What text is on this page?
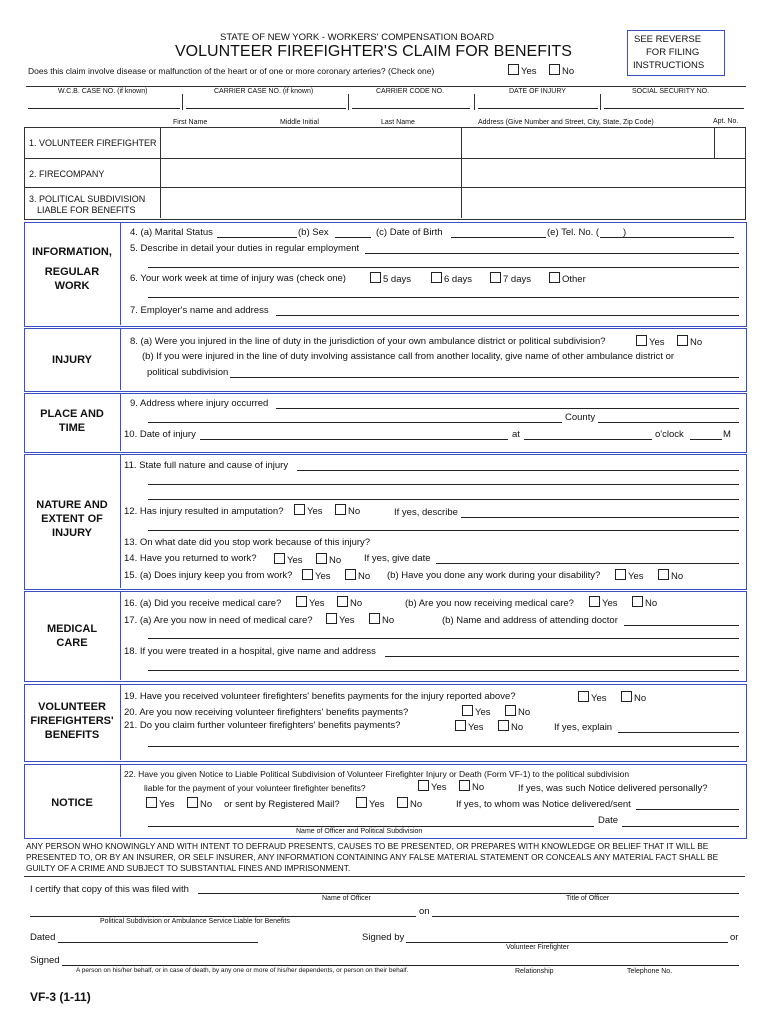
STATE OF NEW YORK - WORKERS' COMPENSATION BOARD
VOLUNTEER FIREFIGHTER'S CLAIM FOR BENEFITS
SEE REVERSE
FOR FILING
INSTRUCTIONS
Does this claim involve disease or malfunction of the heart or of one or more coronary arteries? (Check one)	Yes	No
W.C.B. CASE NO. (if known)	CARRIER CASE NO. (if known)	CARRIER CODE NO.	DATE OF INJURY	SOCIAL SECURITY NO.
First Name	Middle Initial	Last Name	Address (Give Number and Street, City, State, Zip Code)	Apt. No.
1. VOLUNTEER FIREFIGHTER
2. FIRECOMPANY
3. POLITICAL SUBDIVISION
LIABLE FOR BENEFITS
INFORMATION,
REGULAR
WORK
4. (a) Marital Status	(b) Sex	(c) Date of Birth	(e) Tel. No. (	)
5. Describe in detail your duties in regular employment
6. Your work week at time of injury was (check one)	5 days	6 days	7 days	Other
7. Employer's name and address
INJURY
8. (a) Were you injured in the line of duty in the jurisdiction of your own ambulance district or political subdivision?	Yes	No
(b) If you were injured in the line of duty involving assistance call from another locality, give name of other ambulance district or
political subdivision
PLACE AND
TIME
9. Address where injury occurred
County
10. Date of injury	at	o'clock	M
NATURE AND
EXTENT OF
INJURY
11. State full nature and cause of injury
12. Has injury resulted in amputation?	Yes	No	If yes, describe
13. On what date did you stop work because of this injury?
14. Have you returned to work?	Yes	No If yes, give date
15. (a) Does injury keep you from work?	Yes	No (b) Have you done any work during your disability?	Yes	No
MEDICAL
CARE
16. (a) Did you receive medical care?	Yes	No	(b) Are you now receiving medical care?	Yes	No
17. (a) Are you now in need of medical care?	Yes	No	(b) Name and address of attending doctor
18. If you were treated in a hospital, give name and address
VOLUNTEER
FIREFIGHTERS'
BENEFITS
19. Have you received volunteer firefighters' benefits payments for the injury reported above?	Yes	No
20. Are you now receiving volunteer firefighters' benefits payments?	Yes	No
21. Do you claim further volunteer firefighters' benefits payments?	Yes	No	If yes, explain
NOTICE
22. Have you given Notice to Liable Political Subdivision of Volunteer Firefighter Injury or Death (Form VF-1) to the political subdivision
liable for the payment of your volunteer firefighter benefits?	Yes	No	If yes, was such Notice delivered personally?
Yes	No or sent by Registered Mail?	Yes	No	If yes, to whom was Notice delivered/sent
Date
Name of Officer and Political Subdivision
ANY PERSON WHO KNOWINGLY AND WITH INTENT TO DEFRAUD PRESENTS, CAUSES TO BE PRESENTED, OR PREPARES WITH KNOWLEDGE OR BELIEF THAT IT WILL BE PRESENTED TO, OR BY AN INSURER, OR SELF INSURER, ANY INFORMATION CONTAINING ANY FALSE MATERIAL STATEMENT OR CONCEALS ANY MATERIAL FACT SHALL BE GUILTY OF A CRIME AND SUBJECT TO SUBSTANTIAL FINES AND IMPRISONMENT.
I certify that copy of this was filed with
Name of Officer	Title of Officer
on
Political Subdivision or Ambulance Service Liable for Benefits
Dated	Signed by	or
Volunteer Firefighter
Signed
A person on his/her behalf, or in case of death, by any one or more of his/her dependents, or person on their behalf.	Relationship	Telephone No.
VF-3 (1-11)
